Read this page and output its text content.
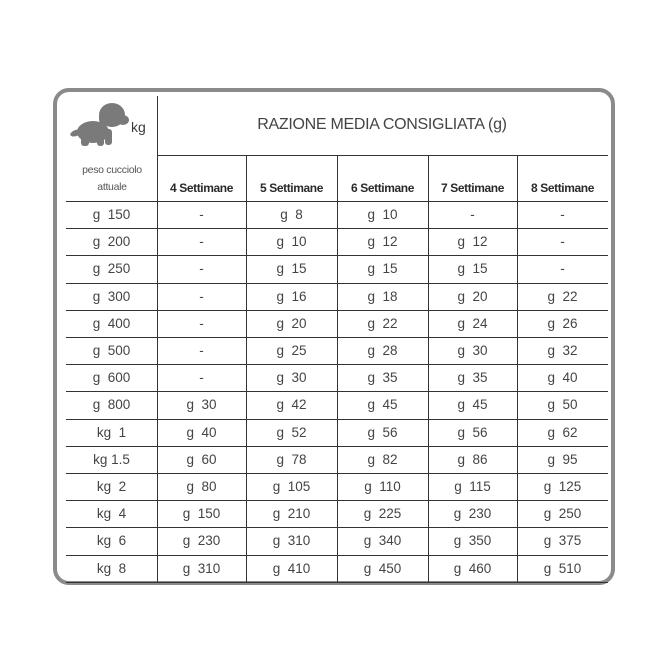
kg
peso cucciolo
attuale
RAZIONE MEDIA CONSIGLIATA (g)
4 Settimane	5 Settimane	6 Settimane	7 Settimane	8 Settimane
g  150	-	g  8	g  10	-	-
g  200	-	g  10	g  12	g  12	-
g  250	-	g  15	g  15	g  15	-
g  300	-	g  16	g  18	g  20	g  22
g  400	-	g  20	g  22	g  24	g  26
g  500	-	g  25	g  28	g  30	g  32
g  600	-	g  30	g  35	g  35	g  40
g  800	g  30	g  42	g  45	g  45	g  50
kg  1	g  40	g  52	g  56	g  56	g  62
kg 1.5	g  60	g  78	g  82	g  86	g  95
kg  2	g  80	g  105	g  110	g  115	g  125
kg  4	g  150	g  210	g  225	g  230	g  250
kg  6	g  230	g  310	g  340	g  350	g  375
kg  8	g  310	g  410	g  450	g  460	g  510
